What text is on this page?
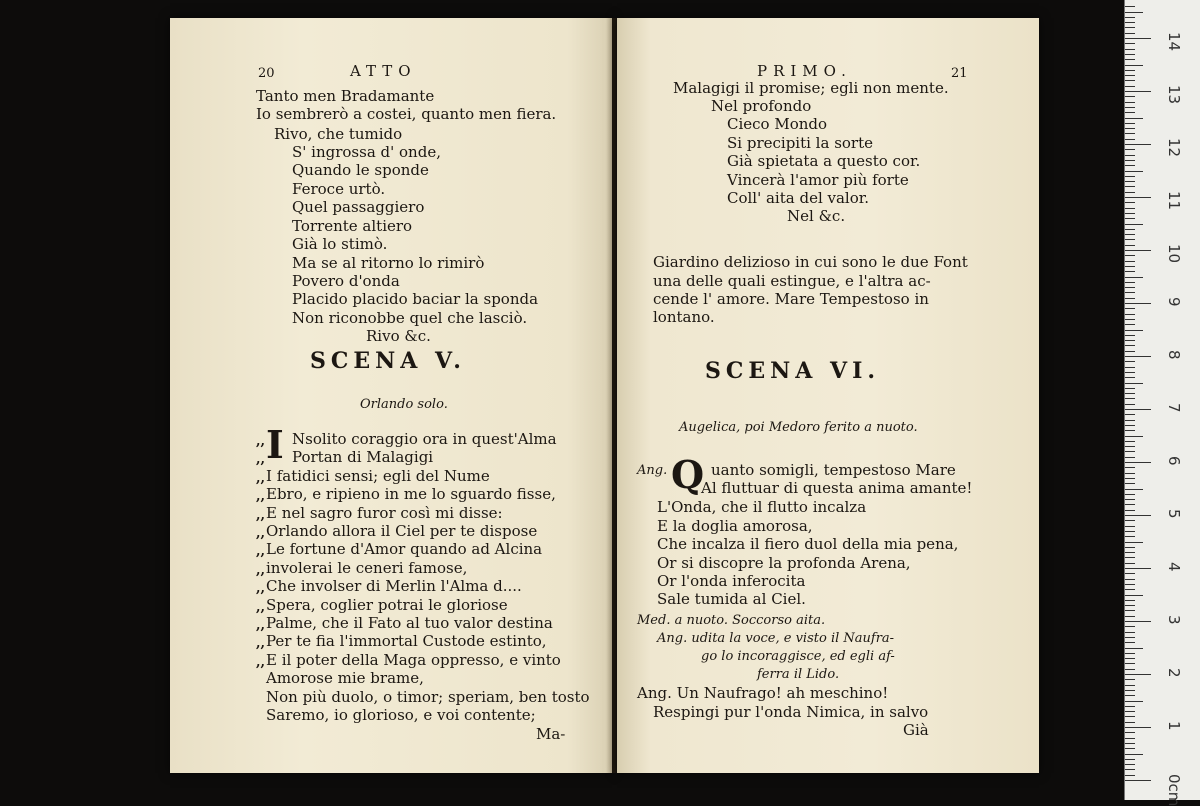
20	ATTO
Tanto men Bradamante
Io sembrerò a costei, quanto men fiera.
Rivo, che tumido
S' ingrossa d' onde,
Quando le sponde
Feroce urtò.
Quel passaggiero
Torrente altiero
Già lo stimò.
Ma se al ritorno lo rimirò
Povero d'onda
Placido placido baciar la sponda
Non riconobbe quel che lasciò.
Rivo &c.
SCENA V.
Orlando solo.
I
,, Nsolito coraggio ora in quest'Alma
,, Portan di Malagigi
,, I fatidici sensi; egli del Nume
,, Ebro, e ripieno in me lo sguardo fisse,
,, E nel sagro furor così mi disse:
,, Orlando allora il Ciel per te dispose
,, Le fortune d'Amor quando ad Alcina
,, involerai le ceneri famose,
,, Che involser di Merlin l'Alma d....
,, Spera, coglier potrai le gloriose
,, Palme, che il Fato al tuo valor destina
,, Per te fia l'immortal Custode estinto,
,, E il poter della Maga oppresso, e vinto
Amorose mie brame,
Non più duolo, o timor; speriam, ben tosto
Saremo, io glorioso, e voi contente;
Ma-
PRIMO.	21
Malagigi il promise; egli non mente.
Nel profondo
Cieco Mondo
Si precipiti la sorte
Già spietata a questo cor.
Vincerà l'amor più forte
Coll' aita del valor.
Nel &c.
Giardino delizioso in cui sono le due Font
una delle quali estingue, e l'altra ac-
cende l' amore. Mare Tempestoso in
lontano.
SCENA VI.
Augelica, poi Medoro ferito a nuoto.
Ang. Q uanto somigli, tempestoso Mare
Al fluttuar di questa anima amante!
L'Onda, che il flutto incalza
E la doglia amorosa,
Che incalza il fiero duol della mia pena,
Or si discopre la profonda Arena,
Or l'onda inferocita
Sale tumida al Ciel.
Med. a nuoto. Soccorso aita.
Ang. udita la voce, e visto il Naufra-
go lo incoraggisce, ed egli af-
ferra il Lido.
Ang. Un Naufrago! ah meschino!
Respingi pur l'onda Nimica, in salvo
Già
0cm
1
2
3
4
5
6
7
8
9
10
11
12
13
14
